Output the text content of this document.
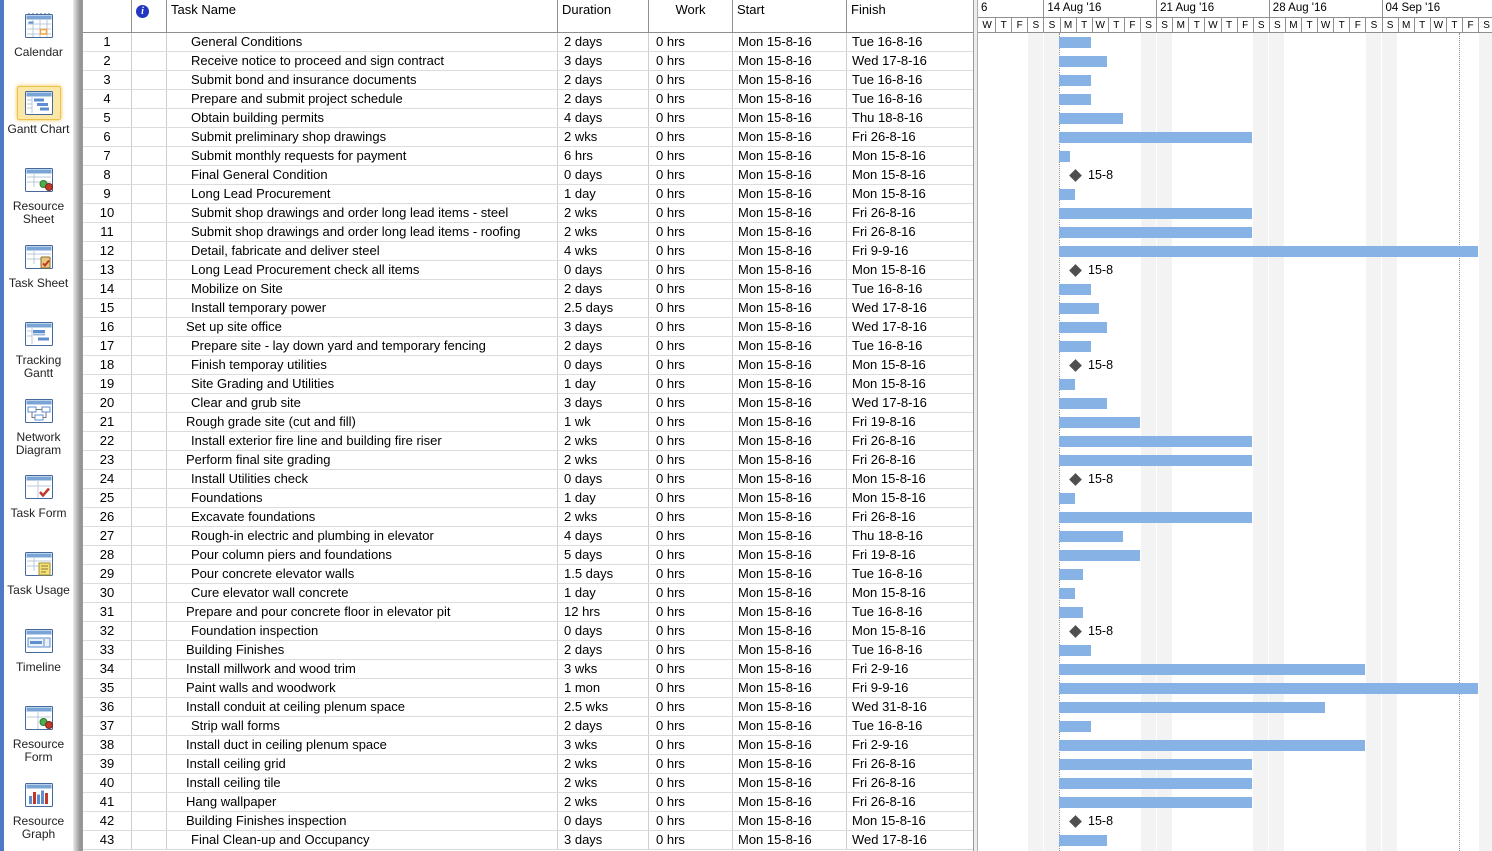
Calendar
Gantt Chart
Resource Sheet
Task Sheet
Tracking Gantt
Network Diagram
Task Form
Task Usage
Timeline
Resource Form
Resource Graph
i	Task Name	Duration	Work	Start	Finish
1	General Conditions	2 days	0 hrs	Mon 15-8-16	Tue 16-8-16
2	Receive notice to proceed and sign contract	3 days	0 hrs	Mon 15-8-16	Wed 17-8-16
3	Submit bond and insurance documents	2 days	0 hrs	Mon 15-8-16	Tue 16-8-16
4	Prepare and submit project schedule	2 days	0 hrs	Mon 15-8-16	Tue 16-8-16
5	Obtain building permits	4 days	0 hrs	Mon 15-8-16	Thu 18-8-16
6	Submit preliminary shop drawings	2 wks	0 hrs	Mon 15-8-16	Fri 26-8-16
7	Submit monthly requests for payment	6 hrs	0 hrs	Mon 15-8-16	Mon 15-8-16
8	Final General Condition	0 days	0 hrs	Mon 15-8-16	Mon 15-8-16
9	Long Lead Procurement	1 day	0 hrs	Mon 15-8-16	Mon 15-8-16
10	Submit shop drawings and order long lead items - steel	2 wks	0 hrs	Mon 15-8-16	Fri 26-8-16
11	Submit shop drawings and order long lead items - roofing	2 wks	0 hrs	Mon 15-8-16	Fri 26-8-16
12	Detail, fabricate and deliver steel	4 wks	0 hrs	Mon 15-8-16	Fri 9-9-16
13	Long Lead Procurement check all items	0 days	0 hrs	Mon 15-8-16	Mon 15-8-16
14	Mobilize on Site	2 days	0 hrs	Mon 15-8-16	Tue 16-8-16
15	Install temporary power	2.5 days	0 hrs	Mon 15-8-16	Wed 17-8-16
16	Set up site office	3 days	0 hrs	Mon 15-8-16	Wed 17-8-16
17	Prepare site - lay down yard and temporary fencing	2 days	0 hrs	Mon 15-8-16	Tue 16-8-16
18	Finish temporay utilities	0 days	0 hrs	Mon 15-8-16	Mon 15-8-16
19	Site Grading and Utilities	1 day	0 hrs	Mon 15-8-16	Mon 15-8-16
20	Clear and grub site	3 days	0 hrs	Mon 15-8-16	Wed 17-8-16
21	Rough grade site (cut and fill)	1 wk	0 hrs	Mon 15-8-16	Fri 19-8-16
22	Install exterior fire line and building fire riser	2 wks	0 hrs	Mon 15-8-16	Fri 26-8-16
23	Perform final site grading	2 wks	0 hrs	Mon 15-8-16	Fri 26-8-16
24	Install Utilities check	0 days	0 hrs	Mon 15-8-16	Mon 15-8-16
25	Foundations	1 day	0 hrs	Mon 15-8-16	Mon 15-8-16
26	Excavate foundations	2 wks	0 hrs	Mon 15-8-16	Fri 26-8-16
27	Rough-in electric and plumbing in elevator	4 days	0 hrs	Mon 15-8-16	Thu 18-8-16
28	Pour column piers and foundations	5 days	0 hrs	Mon 15-8-16	Fri 19-8-16
29	Pour concrete elevator walls	1.5 days	0 hrs	Mon 15-8-16	Tue 16-8-16
30	Cure elevator wall concrete	1 day	0 hrs	Mon 15-8-16	Mon 15-8-16
31	Prepare and pour concrete floor in elevator pit	12 hrs	0 hrs	Mon 15-8-16	Tue 16-8-16
32	Foundation inspection	0 days	0 hrs	Mon 15-8-16	Mon 15-8-16
33	Building Finishes	2 days	0 hrs	Mon 15-8-16	Tue 16-8-16
34	Install millwork and wood trim	3 wks	0 hrs	Mon 15-8-16	Fri 2-9-16
35	Paint walls and woodwork	1 mon	0 hrs	Mon 15-8-16	Fri 9-9-16
36	Install conduit at ceiling plenum space	2.5 wks	0 hrs	Mon 15-8-16	Wed 31-8-16
37	Strip wall forms	2 days	0 hrs	Mon 15-8-16	Tue 16-8-16
38	Install duct in ceiling plenum space	3 wks	0 hrs	Mon 15-8-16	Fri 2-9-16
39	Install ceiling grid	2 wks	0 hrs	Mon 15-8-16	Fri 26-8-16
40	Install ceiling tile	2 wks	0 hrs	Mon 15-8-16	Fri 26-8-16
41	Hang wallpaper	2 wks	0 hrs	Mon 15-8-16	Fri 26-8-16
42	Building Finishes inspection	0 days	0 hrs	Mon 15-8-16	Mon 15-8-16
43	Final Clean-up and Occupancy	3 days	0 hrs	Mon 15-8-16	Wed 17-8-16
6	14 Aug '16	21 Aug '16	28 Aug '16	04 Sep '16
W T F S S M T W T F S S M T W T F S S M T W T	F S S M T W T	F S
15-8
15-8
15-8
15-8
15-8
15-8
